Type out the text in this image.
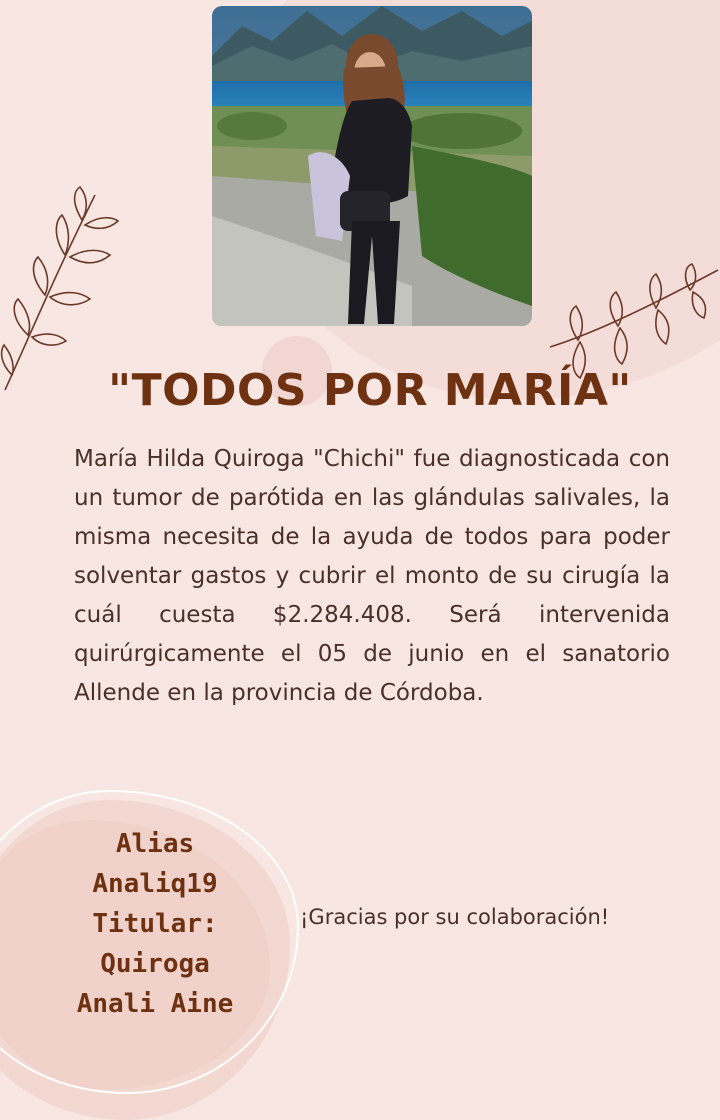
"TODOS POR MARÍA"

María Hilda Quiroga "Chichi" fue diagnosticada con un tumor de parótida en las glándulas salivales, la misma necesita de la ayuda de todos para poder solventar gastos y cubrir el monto de su cirugía la cuál cuesta $2.284.408. Será intervenida quirúrgicamente el 05 de junio en el sanatorio Allende en la provincia de Córdoba.

Alias
Analiq19
Titular: Quiroga
Anali Aine

¡Gracias por su colaboración!
